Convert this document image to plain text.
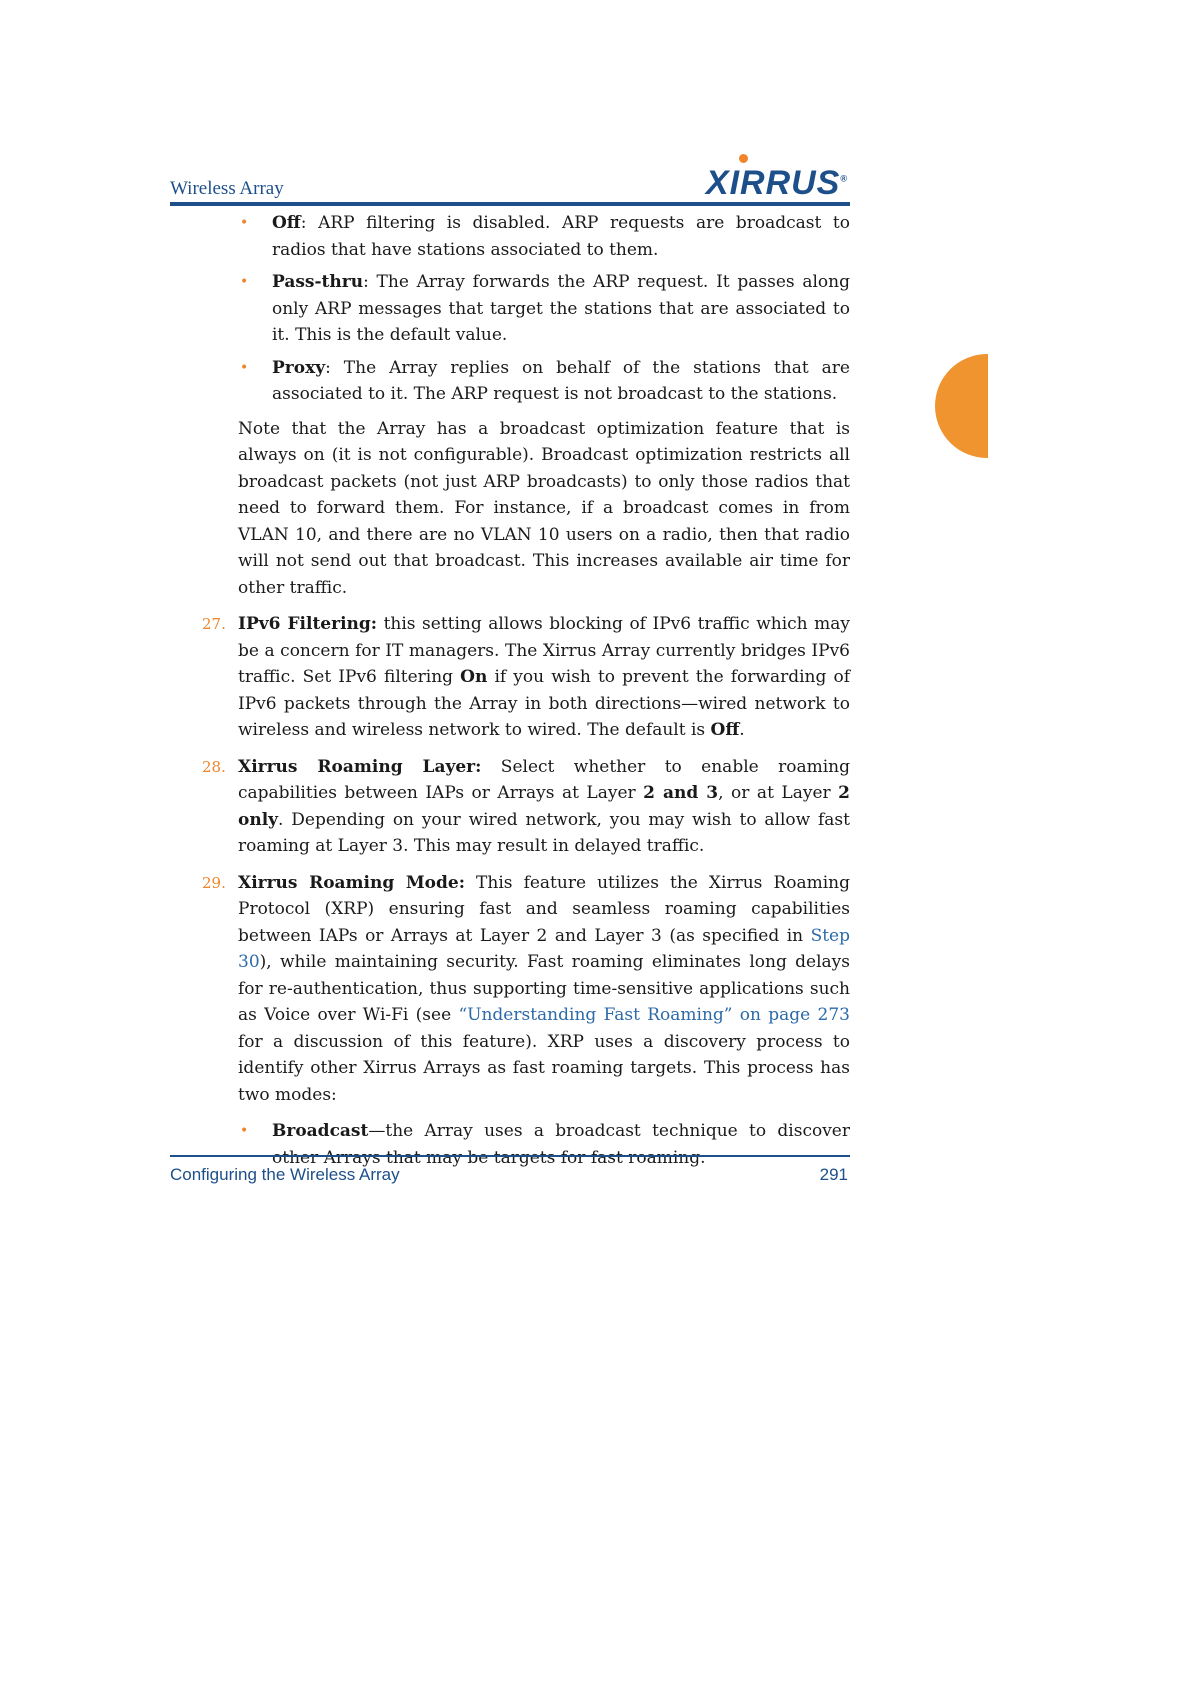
Wireless Array	XIRRUS®
• Off: ARP filtering is disabled. ARP requests are broadcast to radios that have stations associated to them.
• Pass-thru: The Array forwards the ARP request. It passes along only ARP messages that target the stations that are associated to it. This is the default value.
• Proxy: The Array replies on behalf of the stations that are associated to it. The ARP request is not broadcast to the stations.

Note that the Array has a broadcast optimization feature that is always on (it is not configurable). Broadcast optimization restricts all broadcast packets (not just ARP broadcasts) to only those radios that need to forward them. For instance, if a broadcast comes in from VLAN 10, and there are no VLAN 10 users on a radio, then that radio will not send out that broadcast. This increases available air time for other traffic.

27. IPv6 Filtering: this setting allows blocking of IPv6 traffic which may be a concern for IT managers. The Xirrus Array currently bridges IPv6 traffic. Set IPv6 filtering On if you wish to prevent the forwarding of IPv6 packets through the Array in both directions—wired network to wireless and wireless network to wired. The default is Off.
28. Xirrus Roaming Layer: Select whether to enable roaming capabilities between IAPs or Arrays at Layer 2 and 3, or at Layer 2 only. Depending on your wired network, you may wish to allow fast roaming at Layer 3. This may result in delayed traffic.
29. Xirrus Roaming Mode: This feature utilizes the Xirrus Roaming Protocol (XRP) ensuring fast and seamless roaming capabilities between IAPs or Arrays at Layer 2 and Layer 3 (as specified in Step 30), while maintaining security. Fast roaming eliminates long delays for re-authentication, thus supporting time-sensitive applications such as Voice over Wi-Fi (see “Understanding Fast Roaming” on page 273 for a discussion of this feature). XRP uses a discovery process to identify other Xirrus Arrays as fast roaming targets. This process has two modes:
• Broadcast—the Array uses a broadcast technique to discover other Arrays that may be targets for fast roaming.
Configuring the Wireless Array	291
